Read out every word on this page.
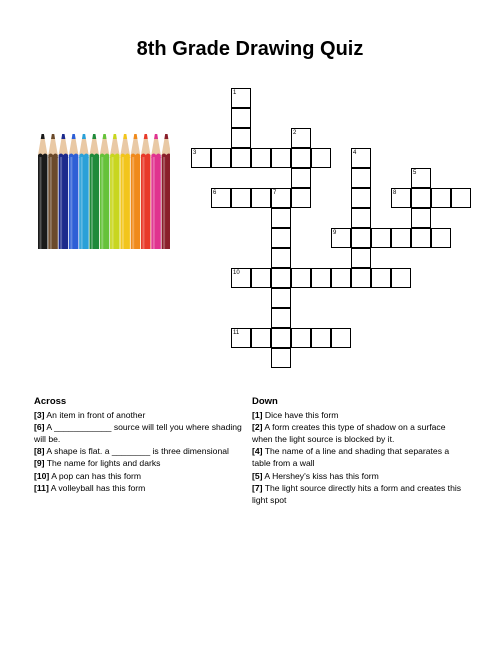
8th Grade Drawing Quiz
1
3
2
4
5
6	7	8
9
10
11
Across
[3] An item in front of another
[6] A ____________ source will tell you where shading will be.
[8] A shape is flat. a ________ is three dimensional
[9] The name for lights and darks
[10] A pop can has this form
[11] A volleyball has this form
Down
[1] Dice have this form
[2] A form creates this type of shadow on a surface when the light source is blocked by it.
[4] The name of a line and shading that separates a table from a wall
[5] A Hershey's kiss has this form
[7] The light source directly hits a form and creates this light spot
